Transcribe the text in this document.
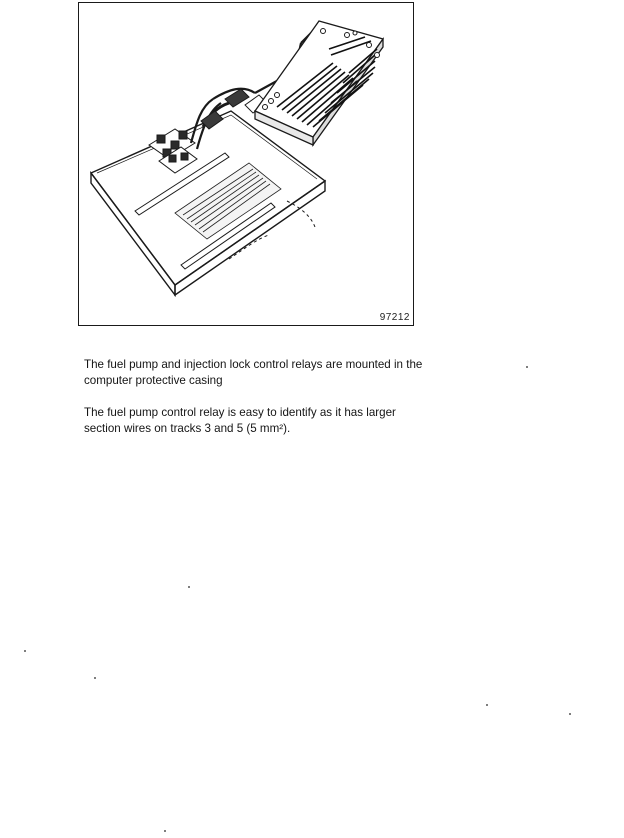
97212

The fuel pump and injection lock control relays are mounted in the computer protective casing

The fuel pump control relay is easy to identify as it has larger section wires on tracks 3 and 5 (5 mm²).
